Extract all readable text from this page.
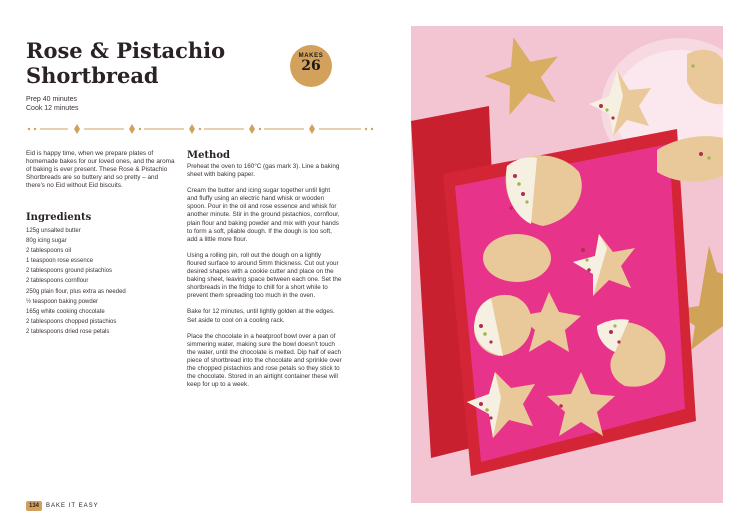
Rose & Pistachio Shortbread
MAKES
26
Prep 40 minutes
Cook 12 minutes

Eid is happy time, when we prepare plates of homemade bakes for our loved ones, and the aroma of baking is ever present. These Rose & Pistachio Shortbreads are so buttery and so pretty – and there's no Eid without Eid biscuits.

Ingredients
125g unsalted butter
80g icing sugar
2 tablespoons oil
1 teaspoon rose essence
2 tablespoons ground pistachios
2 tablespoons cornflour
250g plain flour, plus extra as needed
½ teaspoon baking powder
165g white cooking chocolate
2 tablespoons chopped pistachios
2 tablespoons dried rose petals
Method

Preheat the oven to 160°C (gas mark 3). Line a baking sheet with baking paper.

Cream the butter and icing sugar together until light and fluffy using an electric hand whisk or wooden spoon. Pour in the oil and rose essence and whisk for another minute. Stir in the ground pistachios, cornflour, plain flour and baking powder and mix with your hands to form a soft, pliable dough. If the dough is too soft, add a little more flour.

Using a rolling pin, roll out the dough on a lightly floured surface to around 5mm thickness. Cut out your desired shapes with a cookie cutter and place on the baking sheet, leaving space between each one. Set the shortbreads in the fridge to chill for a short while to prevent them spreading too much in the oven.

Bake for 12 minutes, until lightly golden at the edges. Set aside to cool on a cooling rack.

Place the chocolate in a heatproof bowl over a pan of simmering water, making sure the bowl doesn't touch the water, until the chocolate is melted. Dip half of each piece of shortbread into the chocolate and sprinkle over the chopped pistachios and rose petals so they stick to the chocolate. Stored in an airtight container these will keep for up to a week.

134	BAKE IT EASY
